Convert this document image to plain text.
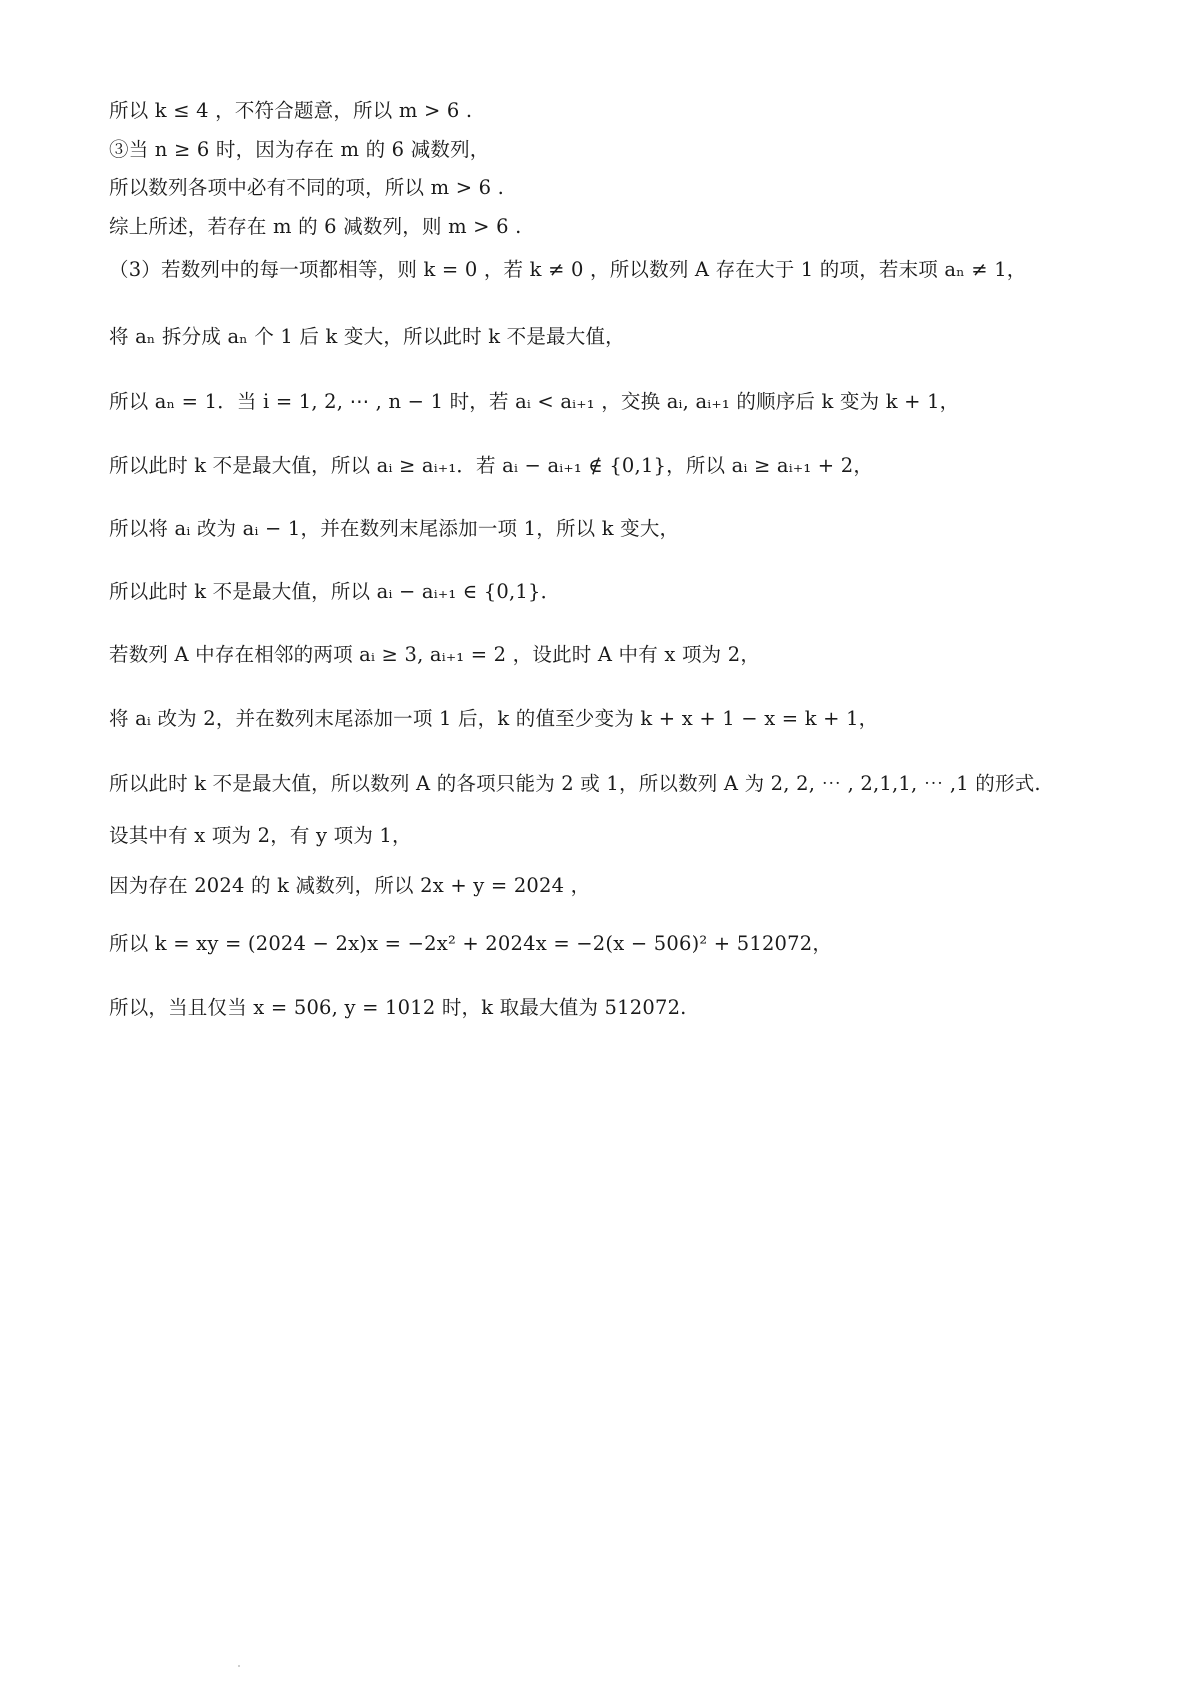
所以 k ≤ 4 ，不符合题意，所以 m > 6 .
③当 n ≥ 6 时，因为存在 m 的 6 减数列，
所以数列各项中必有不同的项，所以 m > 6 .
综上所述，若存在 m 的 6 减数列，则 m > 6 .
（3）若数列中的每一项都相等，则 k = 0 ，若 k ≠ 0 ，所以数列 A 存在大于 1 的项，若末项 aₙ ≠ 1，
将 aₙ 拆分成 aₙ 个 1 后 k 变大，所以此时 k 不是最大值，
所以 aₙ = 1．当 i = 1, 2, ⋯ , n − 1 时，若 aᵢ < aᵢ₊₁ ，交换 aᵢ, aᵢ₊₁ 的顺序后 k 变为 k + 1，
所以此时 k 不是最大值，所以 aᵢ ≥ aᵢ₊₁．若 aᵢ − aᵢ₊₁ ∉ {0,1}，所以 aᵢ ≥ aᵢ₊₁ + 2，
所以将 aᵢ 改为 aᵢ − 1，并在数列末尾添加一项 1，所以 k 变大，
所以此时 k 不是最大值，所以 aᵢ − aᵢ₊₁ ∈ {0,1}．
若数列 A 中存在相邻的两项 aᵢ ≥ 3, aᵢ₊₁ = 2 ，设此时 A 中有 x 项为 2，
将 aᵢ 改为 2，并在数列末尾添加一项 1 后，k 的值至少变为 k + x + 1 − x = k + 1，
所以此时 k 不是最大值，所以数列 A 的各项只能为 2 或 1，所以数列 A 为 2, 2, ⋯ , 2,1,1, ⋯ ,1 的形式.
设其中有 x 项为 2，有 y 项为 1，
因为存在 2024 的 k 减数列，所以 2x + y = 2024 ，
所以 k = xy = (2024 − 2x)x = −2x² + 2024x = −2(x − 506)² + 512072，
所以，当且仅当 x = 506, y = 1012 时，k 取最大值为 512072.
